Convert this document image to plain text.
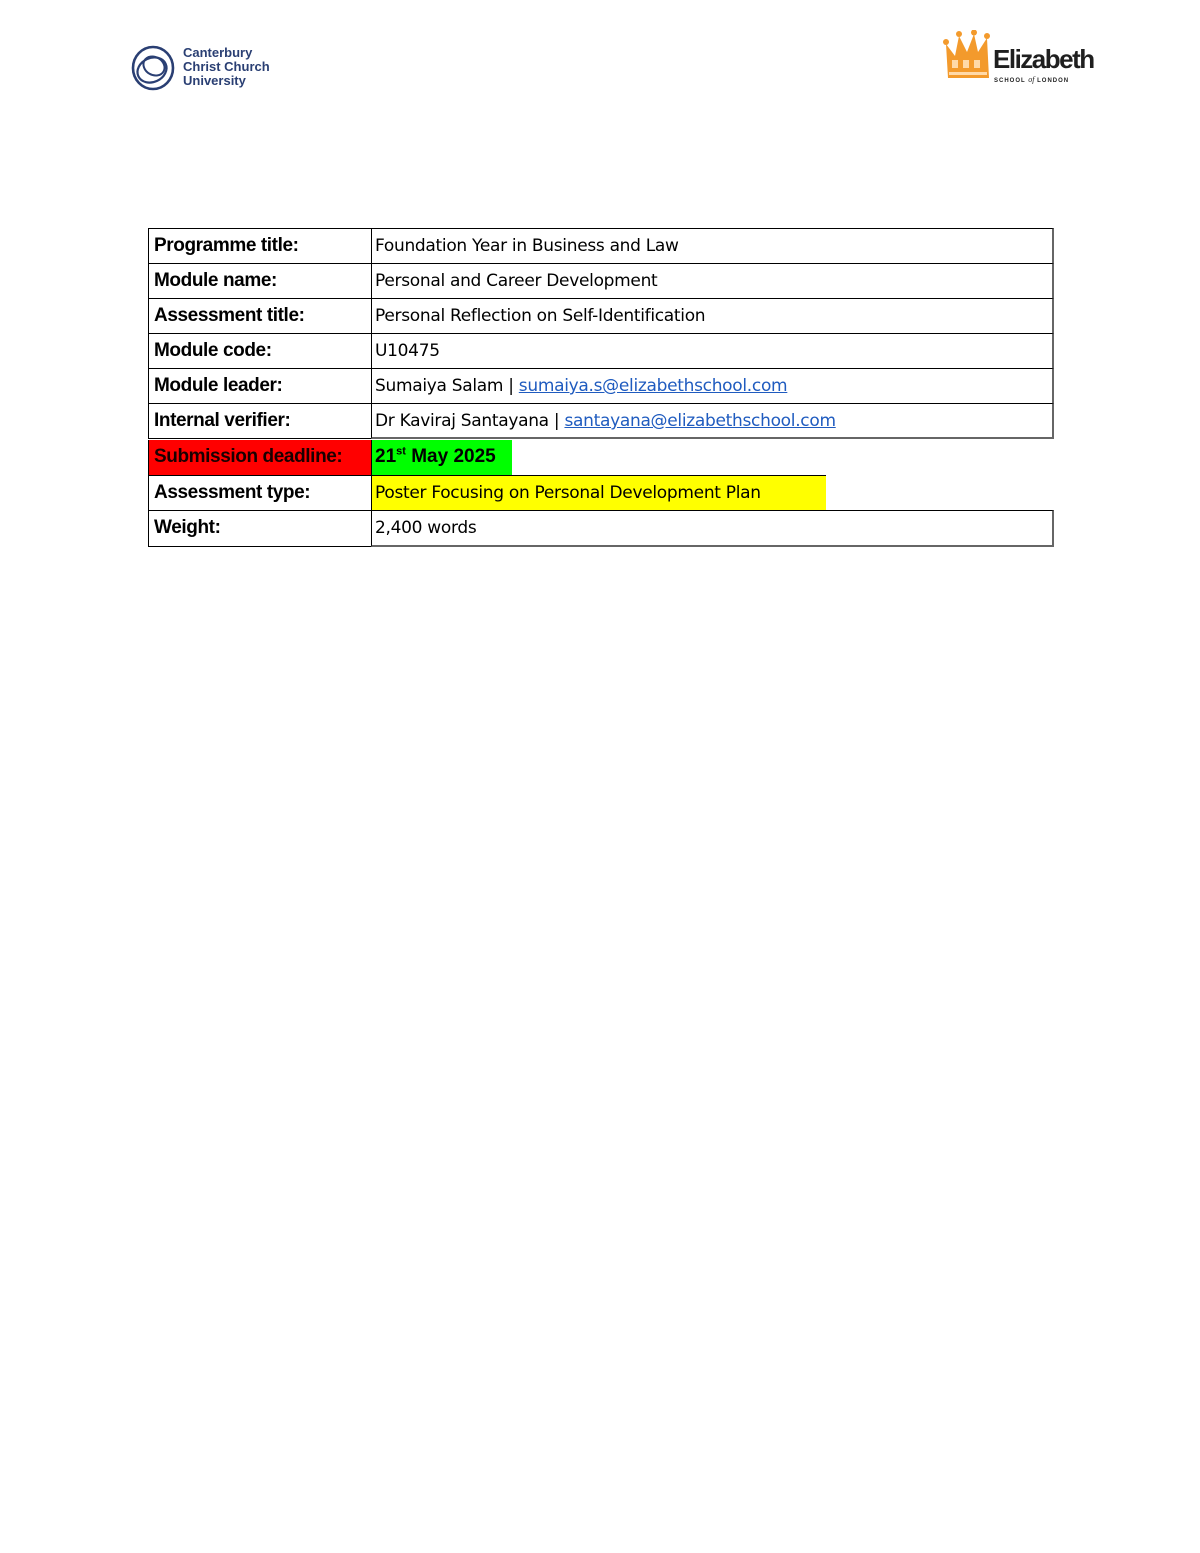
Canterbury
Christ Church
University
Elizabeth
SCHOOL of LONDON
Programme title:	Foundation Year in Business and Law
Module name:	Personal and Career Development
Assessment title:	Personal Reflection on Self-Identification
Module code:	U10475
Module leader:	Sumaiya Salam | sumaiya.s@elizabethschool.com
Internal verifier:	Dr Kaviraj Santayana | santayana@elizabethschool.com
Submission deadline: 21st May 2025
Assessment type:	Poster Focusing on Personal Development Plan
Weight:	2,400 words
